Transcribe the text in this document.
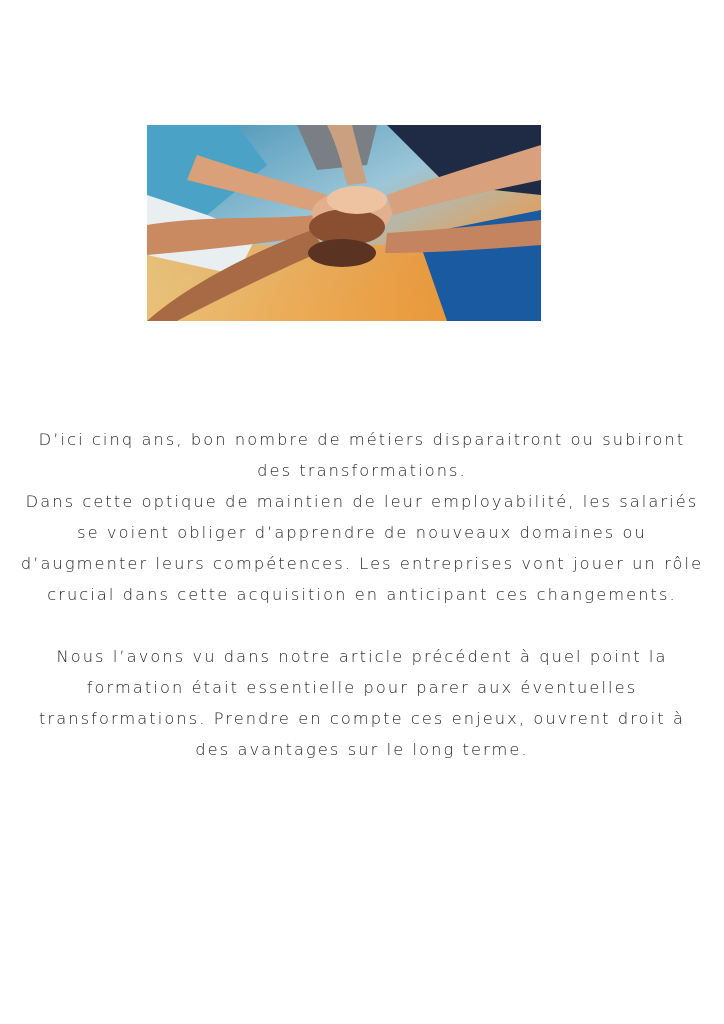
D’ici cinq ans, bon nombre de métiers disparaitront ou subiront des transformations.

Dans cette optique de maintien de leur employabilité, les salariés se voient obliger d’apprendre de nouveaux domaines ou d’augmenter leurs compétences. Les entreprises vont jouer un rôle crucial dans cette acquisition en anticipant ces changements.

Nous l’avons vu dans notre article précédent à quel point la formation était essentielle pour parer aux éventuelles transformations. Prendre en compte ces enjeux, ouvrent droit à des avantages sur le long terme.
